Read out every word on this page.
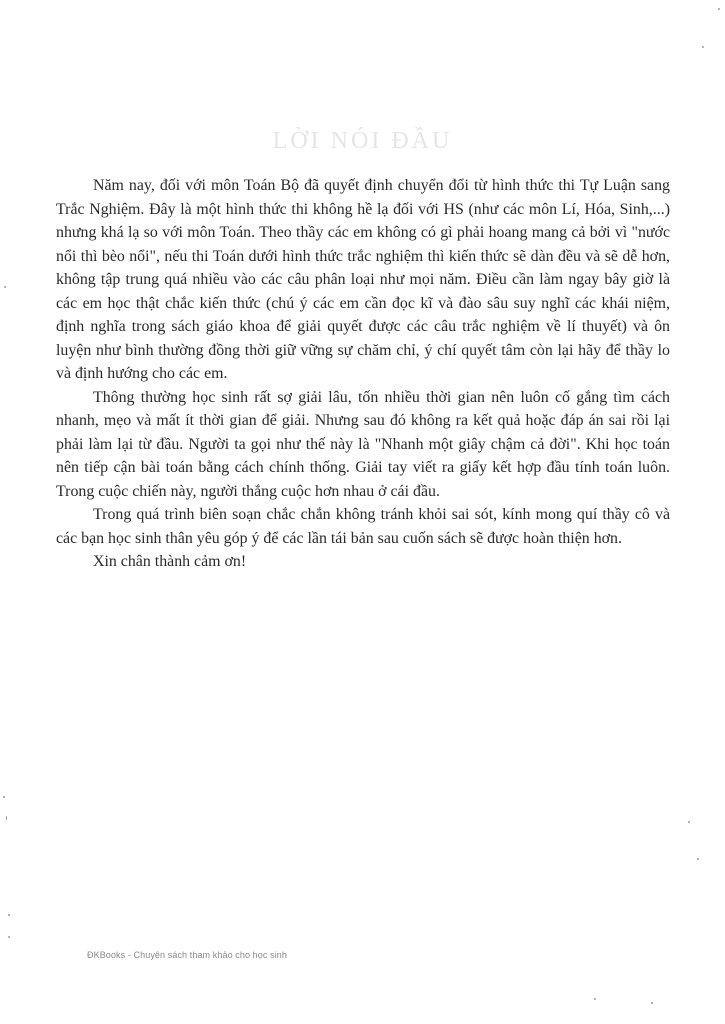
LỜI NÓI ĐẦU

Năm nay, đối với môn Toán Bộ đã quyết định chuyển đổi từ hình thức thi Tự Luận sang Trắc Nghiệm. Đây là một hình thức thi không hề lạ đối với HS (như các môn Lí, Hóa, Sinh,...) nhưng khá lạ so với môn Toán. Theo thầy các em không có gì phải hoang mang cả bởi vì "nước nổi thì bèo nổi", nếu thi Toán dưới hình thức trắc nghiệm thì kiến thức sẽ dàn đều và sẽ dễ hơn, không tập trung quá nhiều vào các câu phân loại như mọi năm. Điều cần làm ngay bây giờ là các em học thật chắc kiến thức (chú ý các em cần đọc kĩ và đào sâu suy nghĩ các khái niệm, định nghĩa trong sách giáo khoa để giải quyết được các câu trắc nghiệm về lí thuyết) và ôn luyện như bình thường đồng thời giữ vững sự chăm chỉ, ý chí quyết tâm còn lại hãy để thầy lo và định hướng cho các em.

Thông thường học sinh rất sợ giải lâu, tốn nhiều thời gian nên luôn cố gắng tìm cách nhanh, mẹo và mất ít thời gian để giải. Nhưng sau đó không ra kết quả hoặc đáp án sai rồi lại phải làm lại từ đầu. Người ta gọi như thế này là "Nhanh một giây chậm cả đời". Khi học toán nên tiếp cận bài toán bằng cách chính thống. Giải tay viết ra giấy kết hợp đầu tính toán luôn. Trong cuộc chiến này, người thắng cuộc hơn nhau ở cái đầu.

Trong quá trình biên soạn chắc chắn không tránh khỏi sai sót, kính mong quí thầy cô và các bạn học sinh thân yêu góp ý để các lần tái bản sau cuốn sách sẽ được hoàn thiện hơn.

Xin chân thành cảm ơn!

ĐKBooks - Chuyên sách tham khảo cho học sinh
